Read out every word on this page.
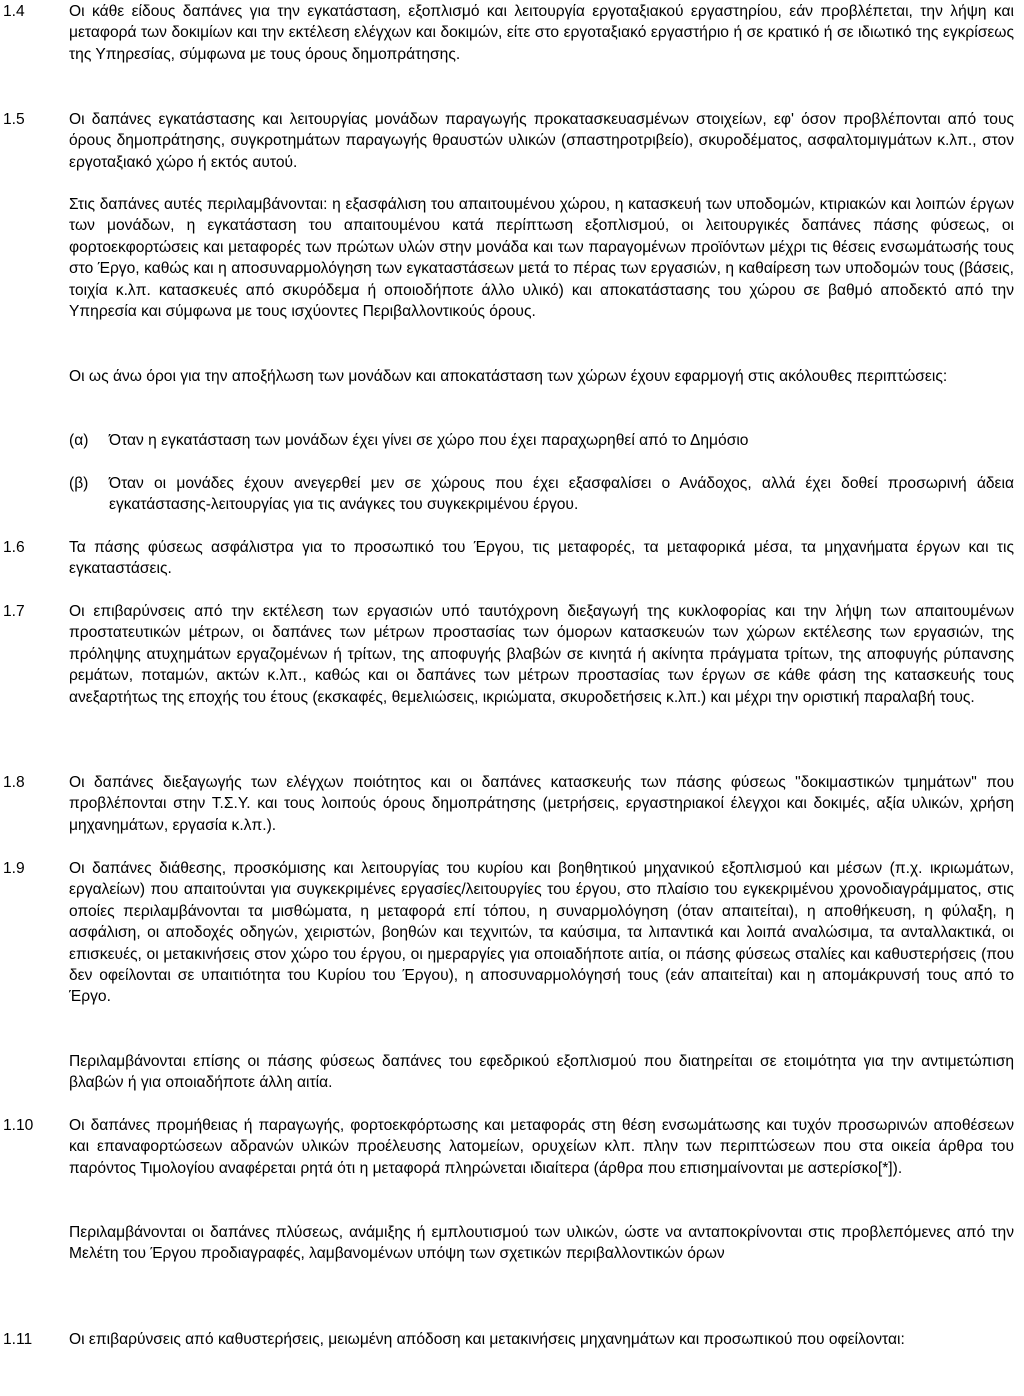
1.4	Οι κάθε είδους δαπάνες για την εγκατάσταση, εξοπλισμό και λειτουργία εργοταξιακού εργαστηρίου, εάν προβλέπεται, την λήψη και μεταφορά των δοκιμίων και την εκτέλεση ελέγχων και δοκιμών, είτε στο εργοταξιακό εργαστήριο ή σε κρατικό ή σε ιδιωτικό της εγκρίσεως της Υπηρεσίας, σύμφωνα με τους όρους δημοπράτησης.

1.5	Οι δαπάνες εγκατάστασης και λειτουργίας μονάδων παραγωγής προκατασκευασμένων στοιχείων, εφ' όσον προβλέπονται από τους όρους δημοπράτησης, συγκροτημάτων παραγωγής θραυστών υλικών (σπαστηροτριβείο), σκυροδέματος, ασφαλτομιγμάτων κ.λπ., στον εργοταξιακό χώρο ή εκτός αυτού.

Στις δαπάνες αυτές περιλαμβάνονται: η εξασφάλιση του απαιτουμένου χώρου, η κατασκευή των υποδομών, κτιριακών και λοιπών έργων των μονάδων, η εγκατάσταση του απαιτουμένου κατά περίπτωση εξοπλισμού, οι λειτουργικές δαπάνες πάσης φύσεως, οι φορτοεκφορτώσεις και μεταφορές των πρώτων υλών στην μονάδα και των παραγομένων προϊόντων μέχρι τις θέσεις ενσωμάτωσής τους στο Έργο, καθώς και η αποσυναρμολόγηση των εγκαταστάσεων μετά το πέρας των εργασιών, η καθαίρεση των υποδομών τους (βάσεις, τοιχία κ.λπ. κατασκευές από σκυρόδεμα ή οποιοδήποτε άλλο υλικό) και αποκατάστασης του χώρου σε βαθμό αποδεκτό από την Υπηρεσία και σύμφωνα με τους ισχύοντες Περιβαλλοντικούς όρους.

Οι ως άνω όροι για την αποξήλωση των μονάδων και αποκατάσταση των χώρων έχουν εφαρμογή στις ακόλουθες περιπτώσεις:

(α) Όταν η εγκατάσταση των μονάδων έχει γίνει σε χώρο που έχει παραχωρηθεί από το Δημόσιο

(β) Όταν οι μονάδες έχουν ανεγερθεί μεν σε χώρους που έχει εξασφαλίσει ο Ανάδοχος, αλλά έχει δοθεί προσωρινή άδεια εγκατάστασης-λειτουργίας για τις ανάγκες του συγκεκριμένου έργου.

1.6	Τα πάσης φύσεως ασφάλιστρα για το προσωπικό του Έργου, τις μεταφορές, τα μεταφορικά μέσα, τα μηχανήματα έργων και τις εγκαταστάσεις.

1.7	Οι επιβαρύνσεις από την εκτέλεση των εργασιών υπό ταυτόχρονη διεξαγωγή της κυκλοφορίας και την λήψη των απαιτουμένων προστατευτικών μέτρων, οι δαπάνες των μέτρων προστασίας των όμορων κατασκευών των χώρων εκτέλεσης των εργασιών, της πρόληψης ατυχημάτων εργαζομένων ή τρίτων, της αποφυγής βλαβών σε κινητά ή ακίνητα πράγματα τρίτων, της αποφυγής ρύπανσης ρεμάτων, ποταμών, ακτών κ.λπ., καθώς και οι δαπάνες των μέτρων προστασίας των έργων σε κάθε φάση της κατασκευής τους ανεξαρτήτως της εποχής του έτους (εκσκαφές, θεμελιώσεις, ικριώματα, σκυροδετήσεις κ.λπ.) και μέχρι την οριστική παραλαβή τους.

1.8	Οι δαπάνες διεξαγωγής των ελέγχων ποιότητος και οι δαπάνες κατασκευής των πάσης φύσεως "δοκιμαστικών τμημάτων" που προβλέπονται στην Τ.Σ.Υ. και τους λοιπούς όρους δημοπράτησης (μετρήσεις, εργαστηριακοί έλεγχοι και δοκιμές, αξία υλικών, χρήση μηχανημάτων, εργασία κ.λπ.).

1.9	Οι δαπάνες διάθεσης, προσκόμισης και λειτουργίας του κυρίου και βοηθητικού μηχανικού εξοπλισμού και μέσων (π.χ. ικριωμάτων, εργαλείων) που απαιτούνται για συγκεκριμένες εργασίες/λειτουργίες του έργου, στο πλαίσιο του εγκεκριμένου χρονοδιαγράμματος, στις οποίες περιλαμβάνονται τα μισθώματα, η μεταφορά επί τόπου, η συναρμολόγηση (όταν απαιτείται), η αποθήκευση, η φύλαξη, η ασφάλιση, οι αποδοχές οδηγών, χειριστών, βοηθών και τεχνιτών, τα καύσιμα, τα λιπαντικά και λοιπά αναλώσιμα, τα ανταλλακτικά, οι επισκευές, οι μετακινήσεις στον χώρο του έργου, οι ημεραργίες για οποιαδήποτε αιτία, οι πάσης φύσεως σταλίες και καθυστερήσεις (που δεν οφείλονται σε υπαιτιότητα του Κυρίου του Έργου), η αποσυναρμολόγησή τους (εάν απαιτείται) και η απομάκρυνσή τους από το Έργο.

Περιλαμβάνονται επίσης οι πάσης φύσεως δαπάνες του εφεδρικού εξοπλισμού που διατηρείται σε ετοιμότητα για την αντιμετώπιση βλαβών ή για οποιαδήποτε άλλη αιτία.

1.10 Οι δαπάνες προμήθειας ή παραγωγής, φορτοεκφόρτωσης και μεταφοράς στη θέση ενσωμάτωσης και τυχόν προσωρινών αποθέσεων και επαναφορτώσεων αδρανών υλικών προέλευσης λατομείων, ορυχείων κλπ. πλην των περιπτώσεων που στα οικεία άρθρα του παρόντος Τιμολογίου αναφέρεται ρητά ότι η μεταφορά πληρώνεται ιδιαίτερα (άρθρα που επισημαίνονται με αστερίσκο[*]).

Περιλαμβάνονται οι δαπάνες πλύσεως, ανάμιξης ή εμπλουτισμού των υλικών, ώστε να ανταποκρίνονται στις προβλεπόμενες από την Μελέτη του Έργου προδιαγραφές, λαμβανομένων υπόψη των σχετικών περιβαλλοντικών όρων

1.11 Οι επιβαρύνσεις από καθυστερήσεις, μειωμένη απόδοση και μετακινήσεις μηχανημάτων και προσωπικού που οφείλονται:
